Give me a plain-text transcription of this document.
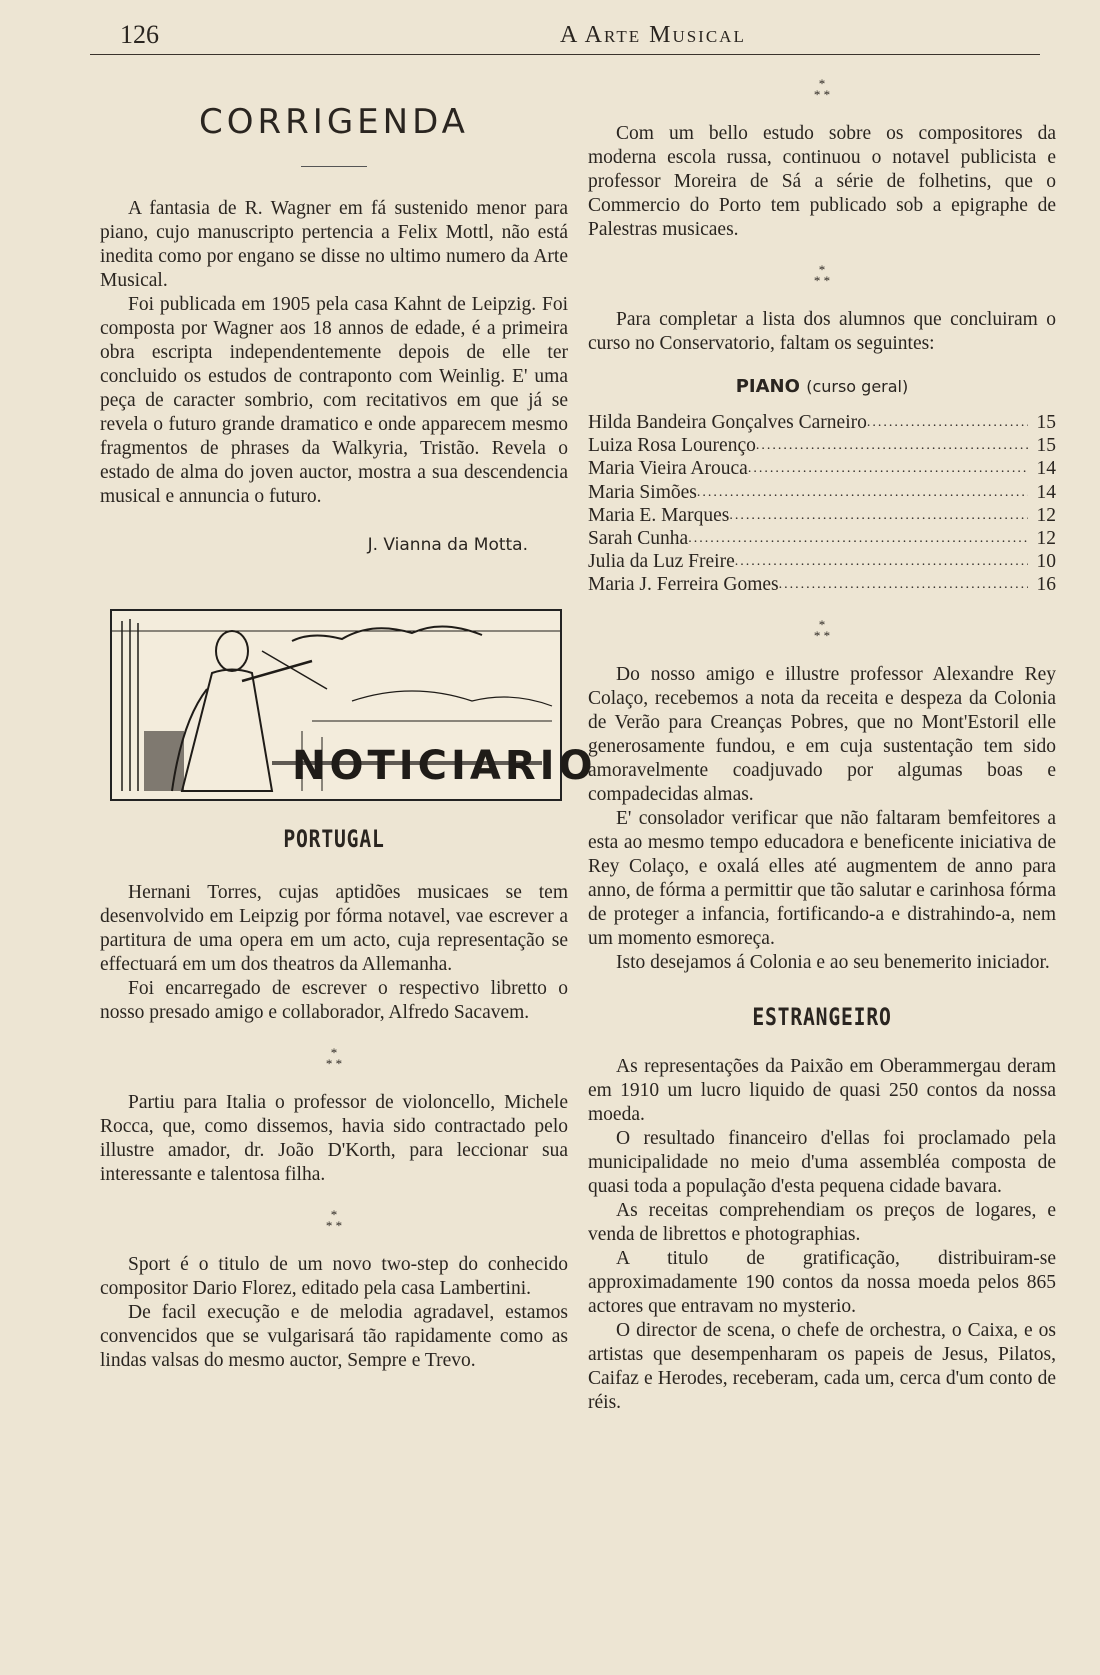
126	A Arte Musical
CORRIGENDA

A fantasia de R. Wagner em fá sustenido menor para piano, cujo manuscripto pertencia a Felix Mottl, não está inedita como por engano se disse no ultimo numero da Arte Musical.

Foi publicada em 1905 pela casa Kahnt de Leipzig. Foi composta por Wagner aos 18 annos de edade, é a primeira obra escripta independentemente depois de elle ter concluido os estudos de contraponto com Weinlig. E' uma peça de caracter sombrio, com recitativos em que já se revela o futuro grande dramatico e onde apparecem mesmo fragmentos de phrases da Walkyria, Tristão. Revela o estado de alma do joven auctor, mostra a sua descendencia musical e annuncia o futuro.

J. Vianna da Motta.
NOTICIARIO
PORTUGAL

Hernani Torres, cujas aptidões musicaes se tem desenvolvido em Leipzig por fórma notavel, vae escrever a partitura de uma opera em um acto, cuja representação se effectuará em um dos theatros da Allemanha.

Foi encarregado de escrever o respectivo libretto o nosso presado amigo e collaborador, Alfredo Sacavem.

*
* *

Partiu para Italia o professor de violoncello, Michele Rocca, que, como dissemos, havia sido contractado pelo illustre amador, dr. João D'Korth, para leccionar sua interessante e talentosa filha.

*
* *

Sport é o titulo de um novo two-step do conhecido compositor Dario Florez, editado pela casa Lambertini.

De facil execução e de melodia agradavel, estamos convencidos que se vulgarisará tão rapidamente como as lindas valsas do mesmo auctor, Sempre e Trevo.

*
* *

Com um bello estudo sobre os compositores da moderna escola russa, continuou o notavel publicista e professor Moreira de Sá a série de folhetins, que o Commercio do Porto tem publicado sob a epigraphe de Palestras musicaes.

*
* *

Para completar a lista dos alumnos que concluiram o curso no Conservatorio, faltam os seguintes:

PIANO (curso geral)
Hilda Bandeira Gonçalves Carneiro .....	15
Luiza Rosa Lourenço .....	15
Maria Vieira Arouca .....	14
Maria Simões .....	14
Maria E. Marques .....	12
Sarah Cunha .....	12
Julia da Luz Freire .....	10
Maria J. Ferreira Gomes .....	16
*
* *

Do nosso amigo e illustre professor Alexandre Rey Colaço, recebemos a nota da receita e despeza da Colonia de Verão para Creanças Pobres, que no Mont'Estoril elle generosamente fundou, e em cuja sustentação tem sido amoravelmente coadjuvado por algumas boas e compadecidas almas.

E' consolador verificar que não faltaram bemfeitores a esta ao mesmo tempo educadora e beneficente iniciativa de Rey Colaço, e oxalá elles até augmentem de anno para anno, de fórma a permittir que tão salutar e carinhosa fórma de proteger a infancia, fortificando-a e distrahindo-a, nem um momento esmoreça.

Isto desejamos á Colonia e ao seu benemerito iniciador.

ESTRANGEIRO

As representações da Paixão em Oberammergau deram em 1910 um lucro liquido de quasi 250 contos da nossa moeda.

O resultado financeiro d'ellas foi proclamado pela municipalidade no meio d'uma assembléa composta de quasi toda a população d'esta pequena cidade bavara.

As receitas comprehendiam os preços de logares, e venda de librettos e photographias.

A titulo de gratificação, distribuiram-se approximadamente 190 contos da nossa moeda pelos 865 actores que entravam no mysterio.

O director de scena, o chefe de orchestra, o Caixa, e os artistas que desempenharam os papeis de Jesus, Pilatos, Caifaz e Herodes, receberam, cada um, cerca d'um conto de réis.
